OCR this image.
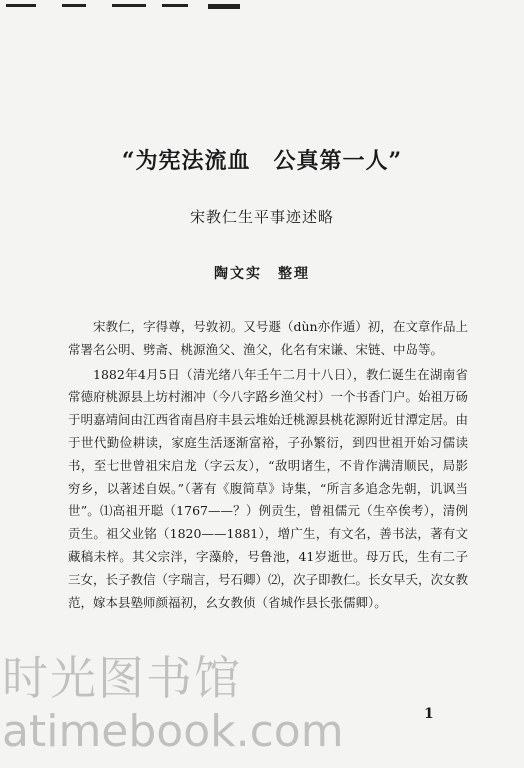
“为宪法流血　公真第一人”
宋教仁生平事迹述略
陶文实　整理

宋教仁，字得尊，号敦初。又号遯（dùn亦作遁）初，在文章作品上常署名公明、劈斋、桃源渔父、渔父，化名有宋谦、宋链、中岛等。

1882年4月5日（清光绪八年壬午二月十八日），教仁诞生在湖南省常德府桃源县上坊村湘冲（今八字路乡渔父村）一个书香门户。始祖万砀于明嘉靖间由江西省南昌府丰县云堆始迁桃源县桃花源附近甘潭定居。由于世代勤俭耕读，家庭生活逐渐富裕，子孙繁衍，到四世祖开始习儒读书，至七世曾祖宋启龙（字云友），“敌明诸生，不肯作满清顺民，局影穷乡，以著述自娱。”（著有《腹简草》诗集，“所言多追念先朝，讥讽当世”。⑴高祖开聪（1767——？）例贡生，曾祖儒元（生卒俟考），清例贡生。祖父业铭（1820——1881），增广生，有文名，善书法，著有文藏稿未梓。其父宗泮，字藻舲，号鲁池，41岁逝世。母万氏，生有二子三女，长子教信（字瑞言，号石卿）⑵，次子即教仁。长女早夭，次女教范，嫁本县塾师颜福初，幺女教侦（省城作县长张儒卿）。

1
时光图书馆
atimebook.com
